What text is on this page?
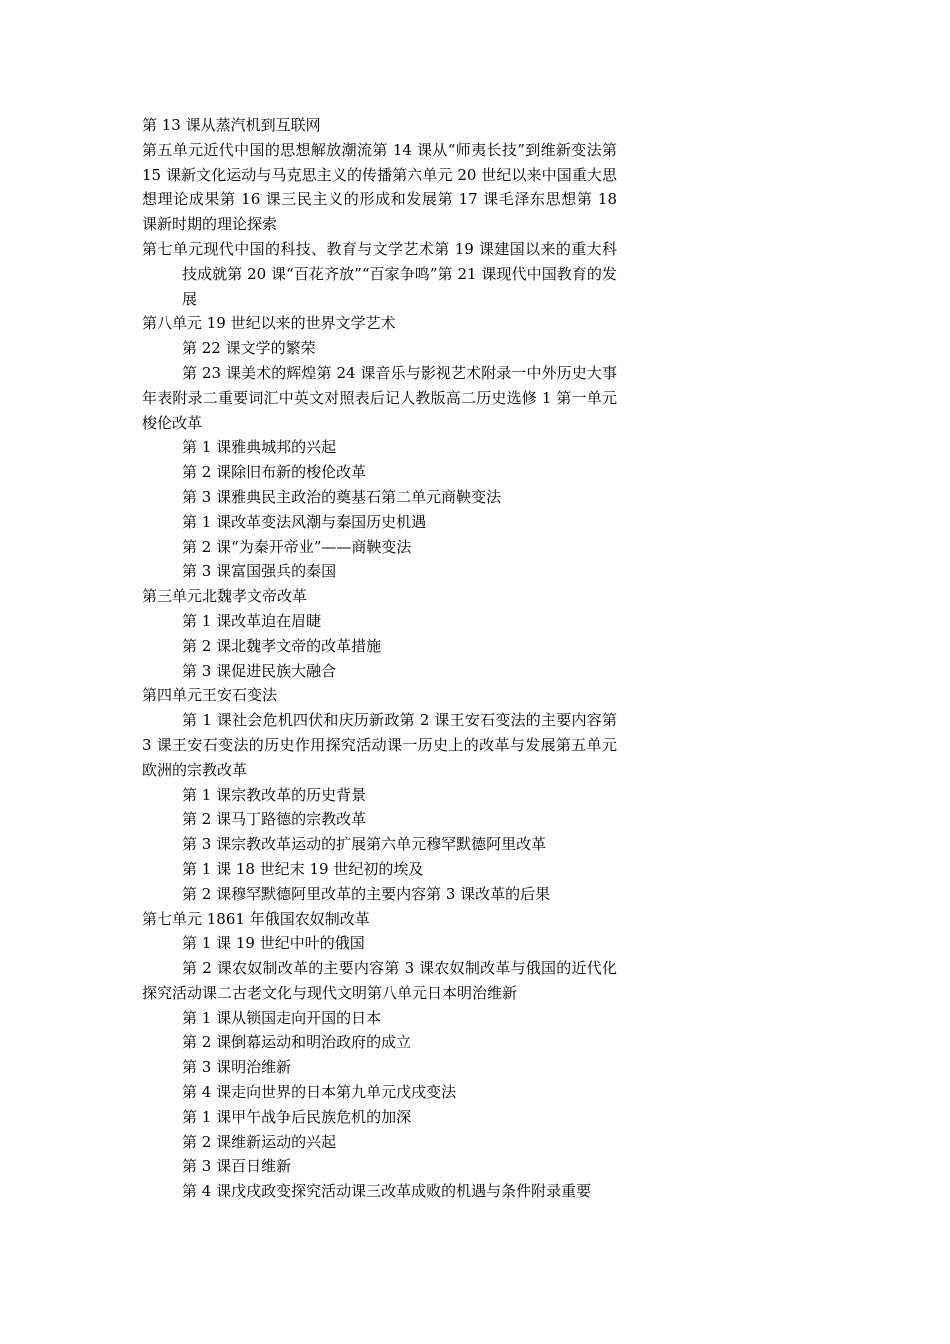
第 13 课从蒸汽机到互联网

第五单元近代中国的思想解放潮流第 14 课从“师夷长技”到维新变法第 15 课新文化运动与马克思主义的传播第六单元 20 世纪以来中国重大思想理论成果第 16 课三民主义的形成和发展第 17 课毛泽东思想第 18 课新时期的理论探索

第七单元现代中国的科技、教育与文学艺术第 19 课建国以来的重大科技成就第 20 课“百花齐放”“百家争鸣”第 21 课现代中国教育的发展

第八单元 19 世纪以来的世界文学艺术

第 22 课文学的繁荣

第 23 课美术的辉煌第 24 课音乐与影视艺术附录一中外历史大事年表附录二重要词汇中英文对照表后记人教版高二历史选修 1 第一单元梭伦改革

第 1 课雅典城邦的兴起

第 2 课除旧布新的梭伦改革

第 3 课雅典民主政治的奠基石第二单元商鞅变法

第 1 课改革变法风潮与秦国历史机遇

第 2 课“为秦开帝业”——商鞅变法

第 3 课富国强兵的秦国

第三单元北魏孝文帝改革

第 1 课改革迫在眉睫

第 2 课北魏孝文帝的改革措施

第 3 课促进民族大融合

第四单元王安石变法

第 1 课社会危机四伏和庆历新政第 2 课王安石变法的主要内容第 3 课王安石变法的历史作用探究活动课一历史上的改革与发展第五单元欧洲的宗教改革

第 1 课宗教改革的历史背景

第 2 课马丁路德的宗教改革

第 3 课宗教改革运动的扩展第六单元穆罕默德阿里改革

第 1 课 18 世纪末 19 世纪初的埃及

第 2 课穆罕默德阿里改革的主要内容第 3 课改革的后果

第七单元 1861 年俄国农奴制改革

第 1 课 19 世纪中叶的俄国

第 2 课农奴制改革的主要内容第 3 课农奴制改革与俄国的近代化探究活动课二古老文化与现代文明第八单元日本明治维新

第 1 课从锁国走向开国的日本

第 2 课倒幕运动和明治政府的成立

第 3 课明治维新

第 4 课走向世界的日本第九单元戊戌变法

第 1 课甲午战争后民族危机的加深

第 2 课维新运动的兴起

第 3 课百日维新

第 4 课戊戌政变探究活动课三改革成败的机遇与条件附录重要
